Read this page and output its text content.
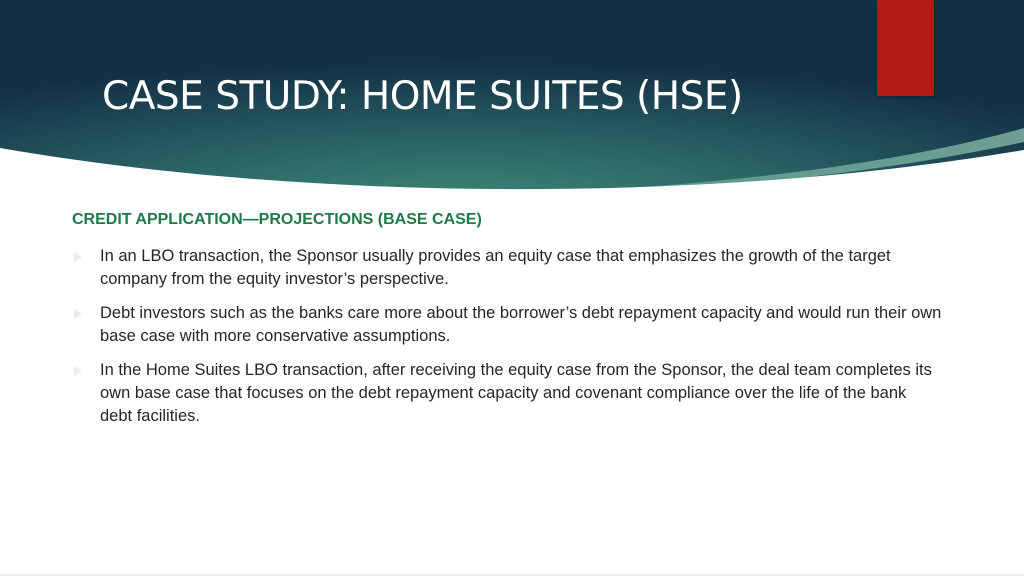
CASE STUDY: HOME SUITES (HSE)
CREDIT APPLICATION—PROJECTIONS (BASE CASE)
In an LBO transaction, the Sponsor usually provides an equity case that emphasizes the growth of the target company from the equity investor’s perspective.
Debt investors such as the banks care more about the borrower’s debt repayment capacity and would run their own base case with more conservative assumptions.
In the Home Suites LBO transaction, after receiving the equity case from the Sponsor, the deal team completes its own base case that focuses on the debt repayment capacity and covenant compliance over the life of the bank debt facilities.
